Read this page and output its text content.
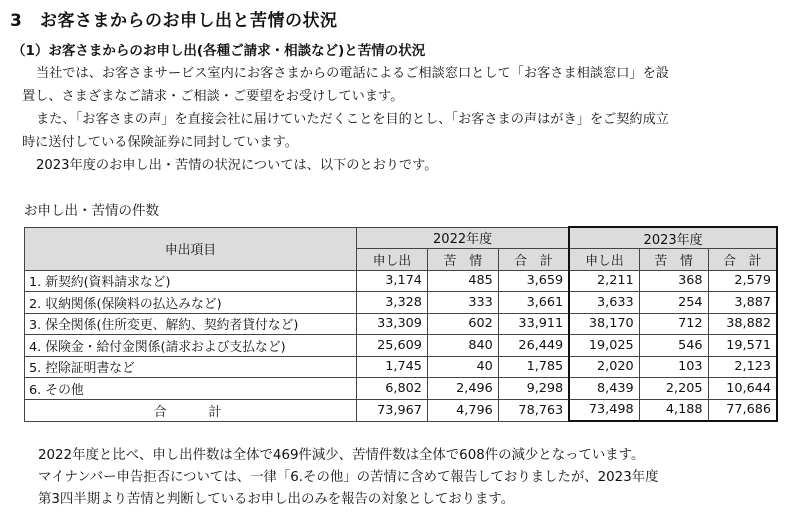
3 お客さまからのお申し出と苦情の状況
（1）お客さまからのお申し出(各種ご請求・相談など)と苦情の状況
当社では、お客さまサービス室内にお客さまからの電話によるご相談窓口として「お客さま相談窓口」を設
置し、さまざまなご請求・ご相談・ご要望をお受けしています。
また、「お客さまの声」を直接会社に届けていただくことを目的とし、「お客さまの声はがき」をご契約成立
時に送付している保険証券に同封しています。
2023年度のお申し出・苦情の状況については、以下のとおりです。
お申し出・苦情の件数
申出項目	2022年度			2023年度		
	申し出	苦　情	合　計	申し出	苦　情	合　計
1. 新契約(資料請求など)	3,174	485	3,659	2,211	368	2,579
2. 収納関係(保険料の払込みなど)	3,328	333	3,661	3,633	254	3,887
3. 保全関係(住所変更、解約、契約者貸付など)	33,309	602	33,911	38,170	712	38,882
4. 保険金・給付金関係(請求および支払など)	25,609	840	26,449	19,025	546	19,571
5. 控除証明書など	1,745	40	1,785	2,020	103	2,123
6. その他	6,802	2,496	9,298	8,439	2,205	10,644
合計	73,967	4,796	78,763	73,498	4,188	77,686
2022年度と比べ、申し出件数は全体で469件減少、苦情件数は全体で608件の減少となっています。
マイナンバー申告拒否については、一律「6.その他」の苦情に含めて報告しておりましたが、2023年度
第3四半期より苦情と判断しているお申し出のみを報告の対象としております。
